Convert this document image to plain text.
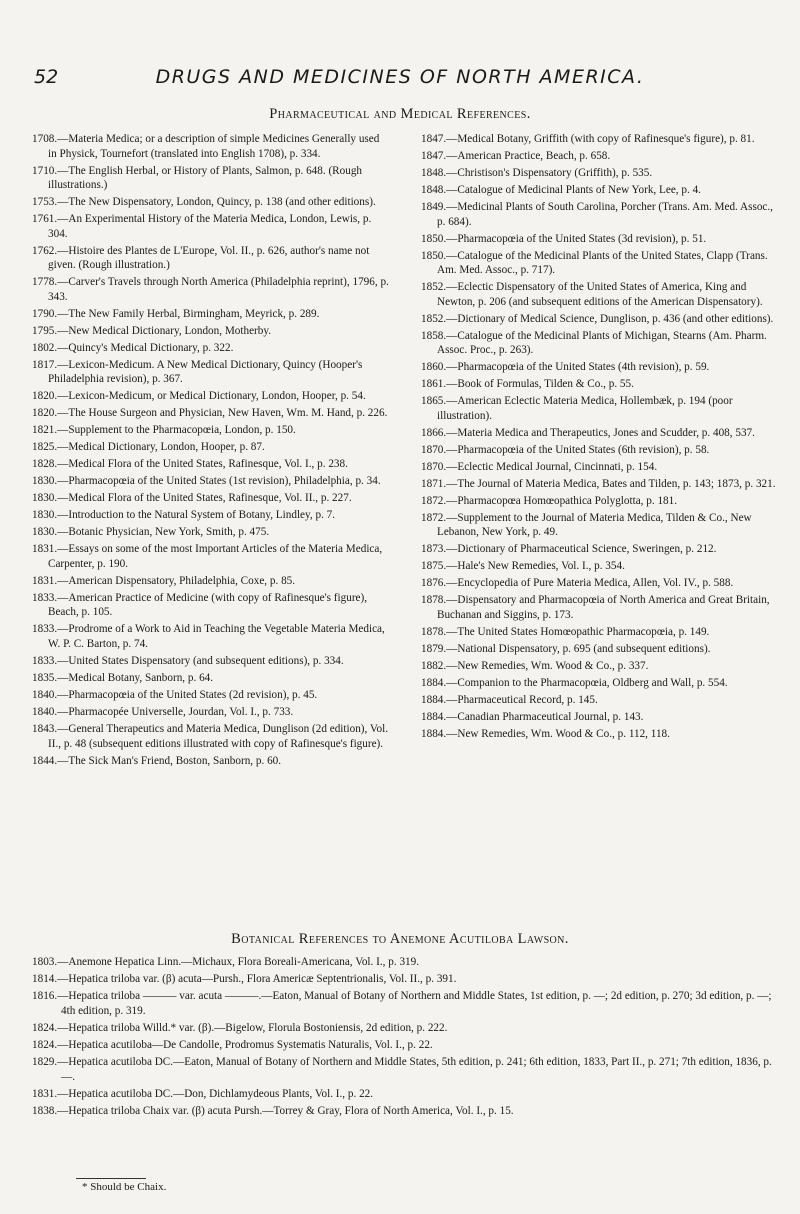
52	DRUGS AND MEDICINES OF NORTH AMERICA.
Pharmaceutical and Medical References.

1708.—Materia Medica; or a description of simple Medicines Generally used in Physick, Tournefort (translated into English 1708), p. 334.

1710.—The English Herbal, or History of Plants, Salmon, p. 648. (Rough illustrations.)

1753.—The New Dispensatory, London, Quincy, p. 138 (and other editions).

1761.—An Experimental History of the Materia Medica, London, Lewis, p. 304.

1762.—Histoire des Plantes de L'Europe, Vol. II., p. 626, author's name not given. (Rough illustration.)

1778.—Carver's Travels through North America (Philadelphia reprint), 1796, p. 343.

1790.—The New Family Herbal, Birmingham, Meyrick, p. 289.

1795.—New Medical Dictionary, London, Motherby.

1802.—Quincy's Medical Dictionary, p. 322.

1817.—Lexicon-Medicum. A New Medical Dictionary, Quincy (Hooper's Philadelphia revision), p. 367.

1820.—Lexicon-Medicum, or Medical Dictionary, London, Hooper, p. 54.

1820.—The House Surgeon and Physician, New Haven, Wm. M. Hand, p. 226.

1821.—Supplement to the Pharmacopœia, London, p. 150.

1825.—Medical Dictionary, London, Hooper, p. 87.

1828.—Medical Flora of the United States, Rafinesque, Vol. I., p. 238.

1830.—Pharmacopœia of the United States (1st revision), Philadelphia, p. 34.

1830.—Medical Flora of the United States, Rafinesque, Vol. II., p. 227.

1830.—Introduction to the Natural System of Botany, Lindley, p. 7.

1830.—Botanic Physician, New York, Smith, p. 475.

1831.—Essays on some of the most Important Articles of the Materia Medica, Carpenter, p. 190.

1831.—American Dispensatory, Philadelphia, Coxe, p. 85.

1833.—American Practice of Medicine (with copy of Rafinesque's figure), Beach, p. 105.

1833.—Prodrome of a Work to Aid in Teaching the Vegetable Materia Medica, W. P. C. Barton, p. 74.

1833.—United States Dispensatory (and subsequent editions), p. 334.

1835.—Medical Botany, Sanborn, p. 64.

1840.—Pharmacopœia of the United States (2d revision), p. 45.

1840.—Pharmacopée Universelle, Jourdan, Vol. I., p. 733.

1843.—General Therapeutics and Materia Medica, Dunglison (2d edition), Vol. II., p. 48 (subsequent editions illustrated with copy of Rafinesque's figure).

1844.—The Sick Man's Friend, Boston, Sanborn, p. 60.

1847.—Medical Botany, Griffith (with copy of Rafinesque's figure), p. 81.

1847.—American Practice, Beach, p. 658.

1848.—Christison's Dispensatory (Griffith), p. 535.

1848.—Catalogue of Medicinal Plants of New York, Lee, p. 4.

1849.—Medicinal Plants of South Carolina, Porcher (Trans. Am. Med. Assoc., p. 684).

1850.—Pharmacopœia of the United States (3d revision), p. 51.

1850.—Catalogue of the Medicinal Plants of the United States, Clapp (Trans. Am. Med. Assoc., p. 717).

1852.—Eclectic Dispensatory of the United States of America, King and Newton, p. 206 (and subsequent editions of the American Dispensatory).

1852.—Dictionary of Medical Science, Dunglison, p. 436 (and other editions).

1858.—Catalogue of the Medicinal Plants of Michigan, Stearns (Am. Pharm. Assoc. Proc., p. 263).

1860.—Pharmacopœia of the United States (4th revision), p. 59.

1861.—Book of Formulas, Tilden & Co., p. 55.

1865.—American Eclectic Materia Medica, Hollembæk, p. 194 (poor illustration).

1866.—Materia Medica and Therapeutics, Jones and Scudder, p. 408, 537.

1870.—Pharmacopœia of the United States (6th revision), p. 58.

1870.—Eclectic Medical Journal, Cincinnati, p. 154.

1871.—The Journal of Materia Medica, Bates and Tilden, p. 143; 1873, p. 321.

1872.—Pharmacopœa Homœopathica Polyglotta, p. 181.

1872.—Supplement to the Journal of Materia Medica, Tilden & Co., New Lebanon, New York, p. 49.

1873.—Dictionary of Pharmaceutical Science, Sweringen, p. 212.

1875.—Hale's New Remedies, Vol. I., p. 354.

1876.—Encyclopedia of Pure Materia Medica, Allen, Vol. IV., p. 588.

1878.—Dispensatory and Pharmacopœia of North America and Great Britain, Buchanan and Siggins, p. 173.

1878.—The United States Homœopathic Pharmacopœia, p. 149.

1879.—National Dispensatory, p. 695 (and subsequent editions).

1882.—New Remedies, Wm. Wood & Co., p. 337.

1884.—Companion to the Pharmacopœia, Oldberg and Wall, p. 554.

1884.—Pharmaceutical Record, p. 145.

1884.—Canadian Pharmaceutical Journal, p. 143.

1884.—New Remedies, Wm. Wood & Co., p. 112, 118.

Botanical References to Anemone Acutiloba Lawson.

1803.—Anemone Hepatica Linn.—Michaux, Flora Boreali-Americana, Vol. I., p. 319.

1814.—Hepatica triloba var. (β) acuta—Pursh., Flora Americæ Septentrionalis, Vol. II., p. 391.

1816.—Hepatica triloba ——— var. acuta ———.—Eaton, Manual of Botany of Northern and Middle States, 1st edition, p. —; 2d edition, p. 270; 3d edition, p. —; 4th edition, p. 319.

1824.—Hepatica triloba Willd.* var. (β).—Bigelow, Florula Bostoniensis, 2d edition, p. 222.

1824.—Hepatica acutiloba—De Candolle, Prodromus Systematis Naturalis, Vol. I., p. 22.

1829.—Hepatica acutiloba DC.—Eaton, Manual of Botany of Northern and Middle States, 5th edition, p. 241; 6th edition, 1833, Part II., p. 271; 7th edition, 1836, p. —.

1831.—Hepatica acutiloba DC.—Don, Dichlamydeous Plants, Vol. I., p. 22.

1838.—Hepatica triloba Chaix var. (β) acuta Pursh.—Torrey & Gray, Flora of North America, Vol. I., p. 15.

* Should be Chaix.
